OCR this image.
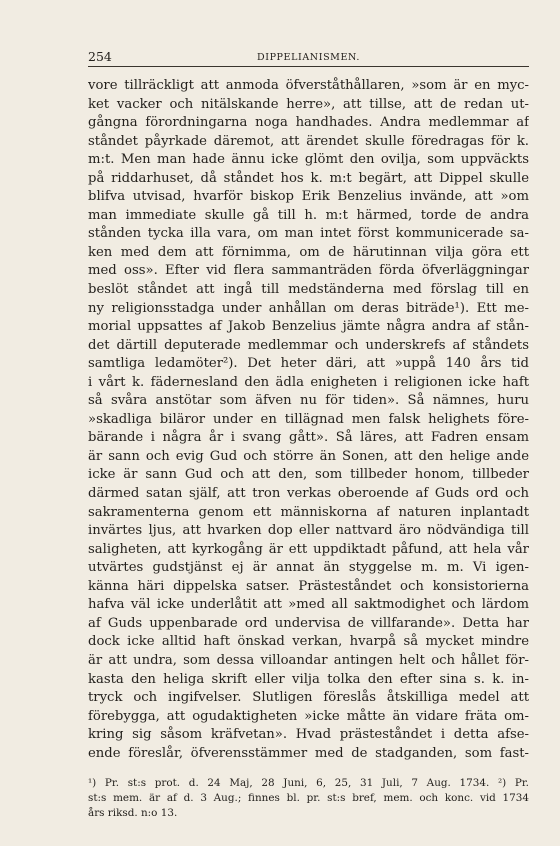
254	DIPPELIANISMEN.
vore tillräckligt att anmoda öfverståthållaren, »som är en myc-
ket vacker och nitälskande herre», att tillse, att de redan ut-
gångna förordningarna noga handhades. Andra medlemmar af
ståndet påyrkade däremot, att ärendet skulle föredragas för k.
m:t. Men man hade ännu icke glömt den ovilja, som uppväckts
på riddarhuset, då ståndet hos k. m:t begärt, att Dippel skulle
blifva utvisad, hvarför biskop Erik Benzelius invände, att »om
man immediate skulle gå till h. m:t härmed, torde de andra
stånden tycka illa vara, om man intet först kommunicerade sa-
ken med dem att förnimma, om de härutinnan vilja göra ett
med oss». Efter vid flera sammanträden förda öfverläggningar
beslöt ståndet att ingå till medständerna med förslag till en
ny religionsstadga under anhållan om deras biträde¹). Ett me-
morial uppsattes af Jakob Benzelius jämte några andra af stån-
det därtill deputerade medlemmar och underskrefs af ståndets
samtliga ledamöter²). Det heter däri, att »uppå 140 års tid
i vårt k. fädernesland den ädla enigheten i religionen icke haft
så svåra anstötar som äfven nu för tiden». Så nämnes, huru
»skadliga biläror under en tillägnad men falsk helighets före-
bärande i några år i svang gått». Så läres, att Fadren ensam
är sann och evig Gud och större än Sonen, att den helige ande
icke är sann Gud och att den, som tillbeder honom, tillbeder
därmed satan själf, att tron verkas oberoende af Guds ord och
sakramenterna genom ett människorna af naturen inplantadt
invärtes ljus, att hvarken dop eller nattvard äro nödvändiga till
saligheten, att kyrkogång är ett uppdiktadt påfund, att hela vår
utvärtes gudstjänst ej är annat än styggelse m. m. Vi igen-
känna häri dippelska satser. Prästeståndet och konsistorierna
hafva väl icke underlåtit att »med all saktmodighet och lärdom
af Guds uppenbarade ord undervisa de villfarande». Detta har
dock icke alltid haft önskad verkan, hvarpå så mycket mindre
är att undra, som dessa villoandar antingen helt och hållet för-
kasta den heliga skrift eller vilja tolka den efter sina s. k. in-
tryck och ingifvelser. Slutligen föreslås åtskilliga medel att
förebygga, att ogudaktigheten »icke måtte än vidare fräta om-
kring sig såsom kräfvetan». Hvad prästeståndet i detta afse-
ende föreslår, öfverensstämmer med de stadganden, som fast-
¹) Pr. st:s prot. d. 24 Maj, 28 Juni, 6, 25, 31 Juli, 7 Aug. 1734. ²) Pr.
st:s mem. är af d. 3 Aug.; finnes bl. pr. st:s bref, mem. och konc. vid 1734
års riksd. n:o 13.
